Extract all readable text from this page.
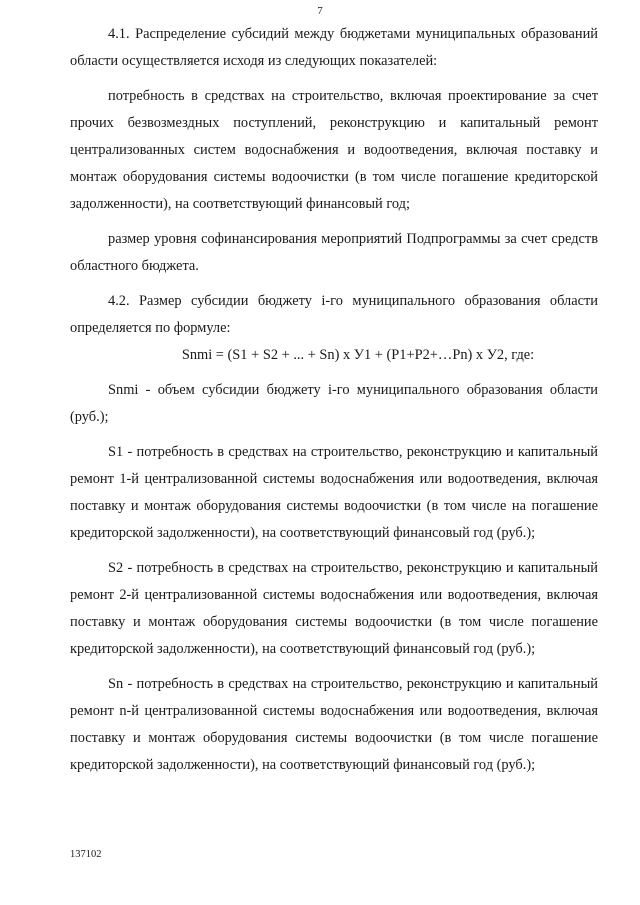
7

4.1. Распределение субсидий между бюджетами муниципальных образований области осуществляется исходя из следующих показателей:

потребность в средствах на строительство, включая проектирование за счет прочих безвозмездных поступлений, реконструкцию и капитальный ремонт централизованных систем водоснабжения и водоотведения, включая поставку и монтаж оборудования системы водоочистки (в том числе погашение кредиторской задолженности), на соответствующий финансовый год;

размер уровня софинансирования мероприятий Подпрограммы за счет средств областного бюджета.

4.2. Размер субсидии бюджету i-го муниципального образования области определяется по формуле:

Snmi = (S1 + S2 + ... + Sn) х У1 + (Р1+Р2+…Рn) х У2, где:

Snmi - объем субсидии бюджету i-го муниципального образования области (руб.);

S1 - потребность в средствах на строительство, реконструкцию и капитальный ремонт 1-й централизованной системы водоснабжения или водоотведения, включая поставку и монтаж оборудования системы водоочистки (в том числе на погашение кредиторской задолженности), на соответствующий финансовый год (руб.);

S2 - потребность в средствах на строительство, реконструкцию и капитальный ремонт 2-й централизованной системы водоснабжения или водоотведения, включая поставку и монтаж оборудования системы водоочистки (в том числе погашение кредиторской задолженности), на соответствующий финансовый год (руб.);

Sn - потребность в средствах на строительство, реконструкцию и капитальный ремонт n-й централизованной системы водоснабжения или водоотведения, включая поставку и монтаж оборудования системы водоочистки (в том числе погашение кредиторской задолженности), на соответствующий финансовый год (руб.);

137102
